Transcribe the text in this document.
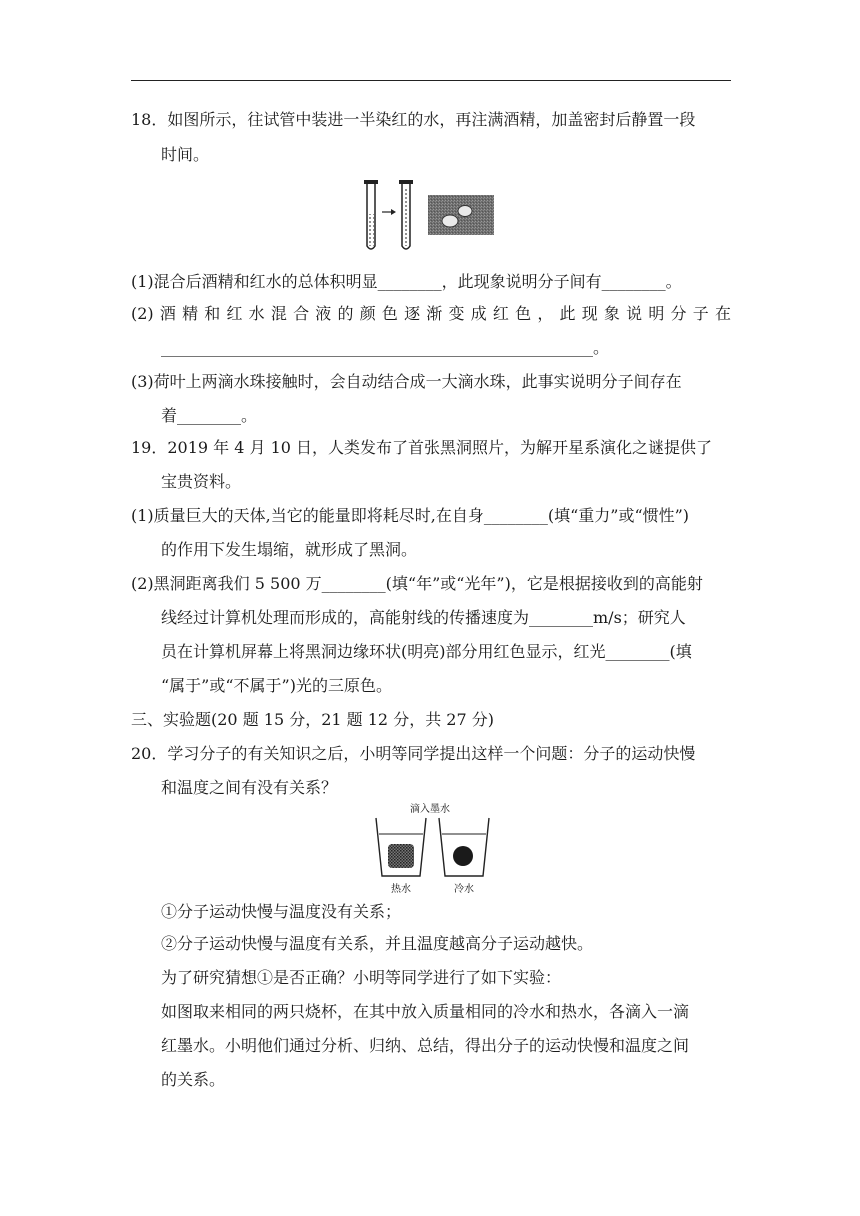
18．如图所示，往试管中装进一半染红的水，再注满酒精，加盖密封后静置一段
时间。
(1)混合后酒精和红水的总体积明显________，此现象说明分子间有________。
(2) 酒 精 和 红 水 混 合 液 的 颜 色 逐 渐 变 成 红 色 ， 此 现 象 说 明 分 子 在
______________________________________________________。
(3)荷叶上两滴水珠接触时，会自动结合成一大滴水珠，此事实说明分子间存在
着________。
19．2019 年 4 月 10 日，人类发布了首张黑洞照片，为解开星系演化之谜提供了
宝贵资料。
(1)质量巨大的天体,当它的能量即将耗尽时,在自身________(填“重力”或“惯性”)
的作用下发生塌缩，就形成了黑洞。
(2)黑洞距离我们 5 500 万________(填“年”或“光年”)，它是根据接收到的高能射
线经过计算机处理而形成的，高能射线的传播速度为________m/s；研究人
员在计算机屏幕上将黑洞边缘环状(明亮)部分用红色显示，红光________(填
“属于”或“不属于”)光的三原色。
三、实验题(20 题 15 分，21 题 12 分，共 27 分)
20．学习分子的有关知识之后，小明等同学提出这样一个问题：分子的运动快慢
和温度之间有没有关系？
滴入墨水
热水	冷水
①分子运动快慢与温度没有关系；
②分子运动快慢与温度有关系，并且温度越高分子运动越快。
为了研究猜想①是否正确？小明等同学进行了如下实验：
如图取来相同的两只烧杯，在其中放入质量相同的冷水和热水，各滴入一滴
红墨水。小明他们通过分析、归纳、总结，得出分子的运动快慢和温度之间
的关系。
